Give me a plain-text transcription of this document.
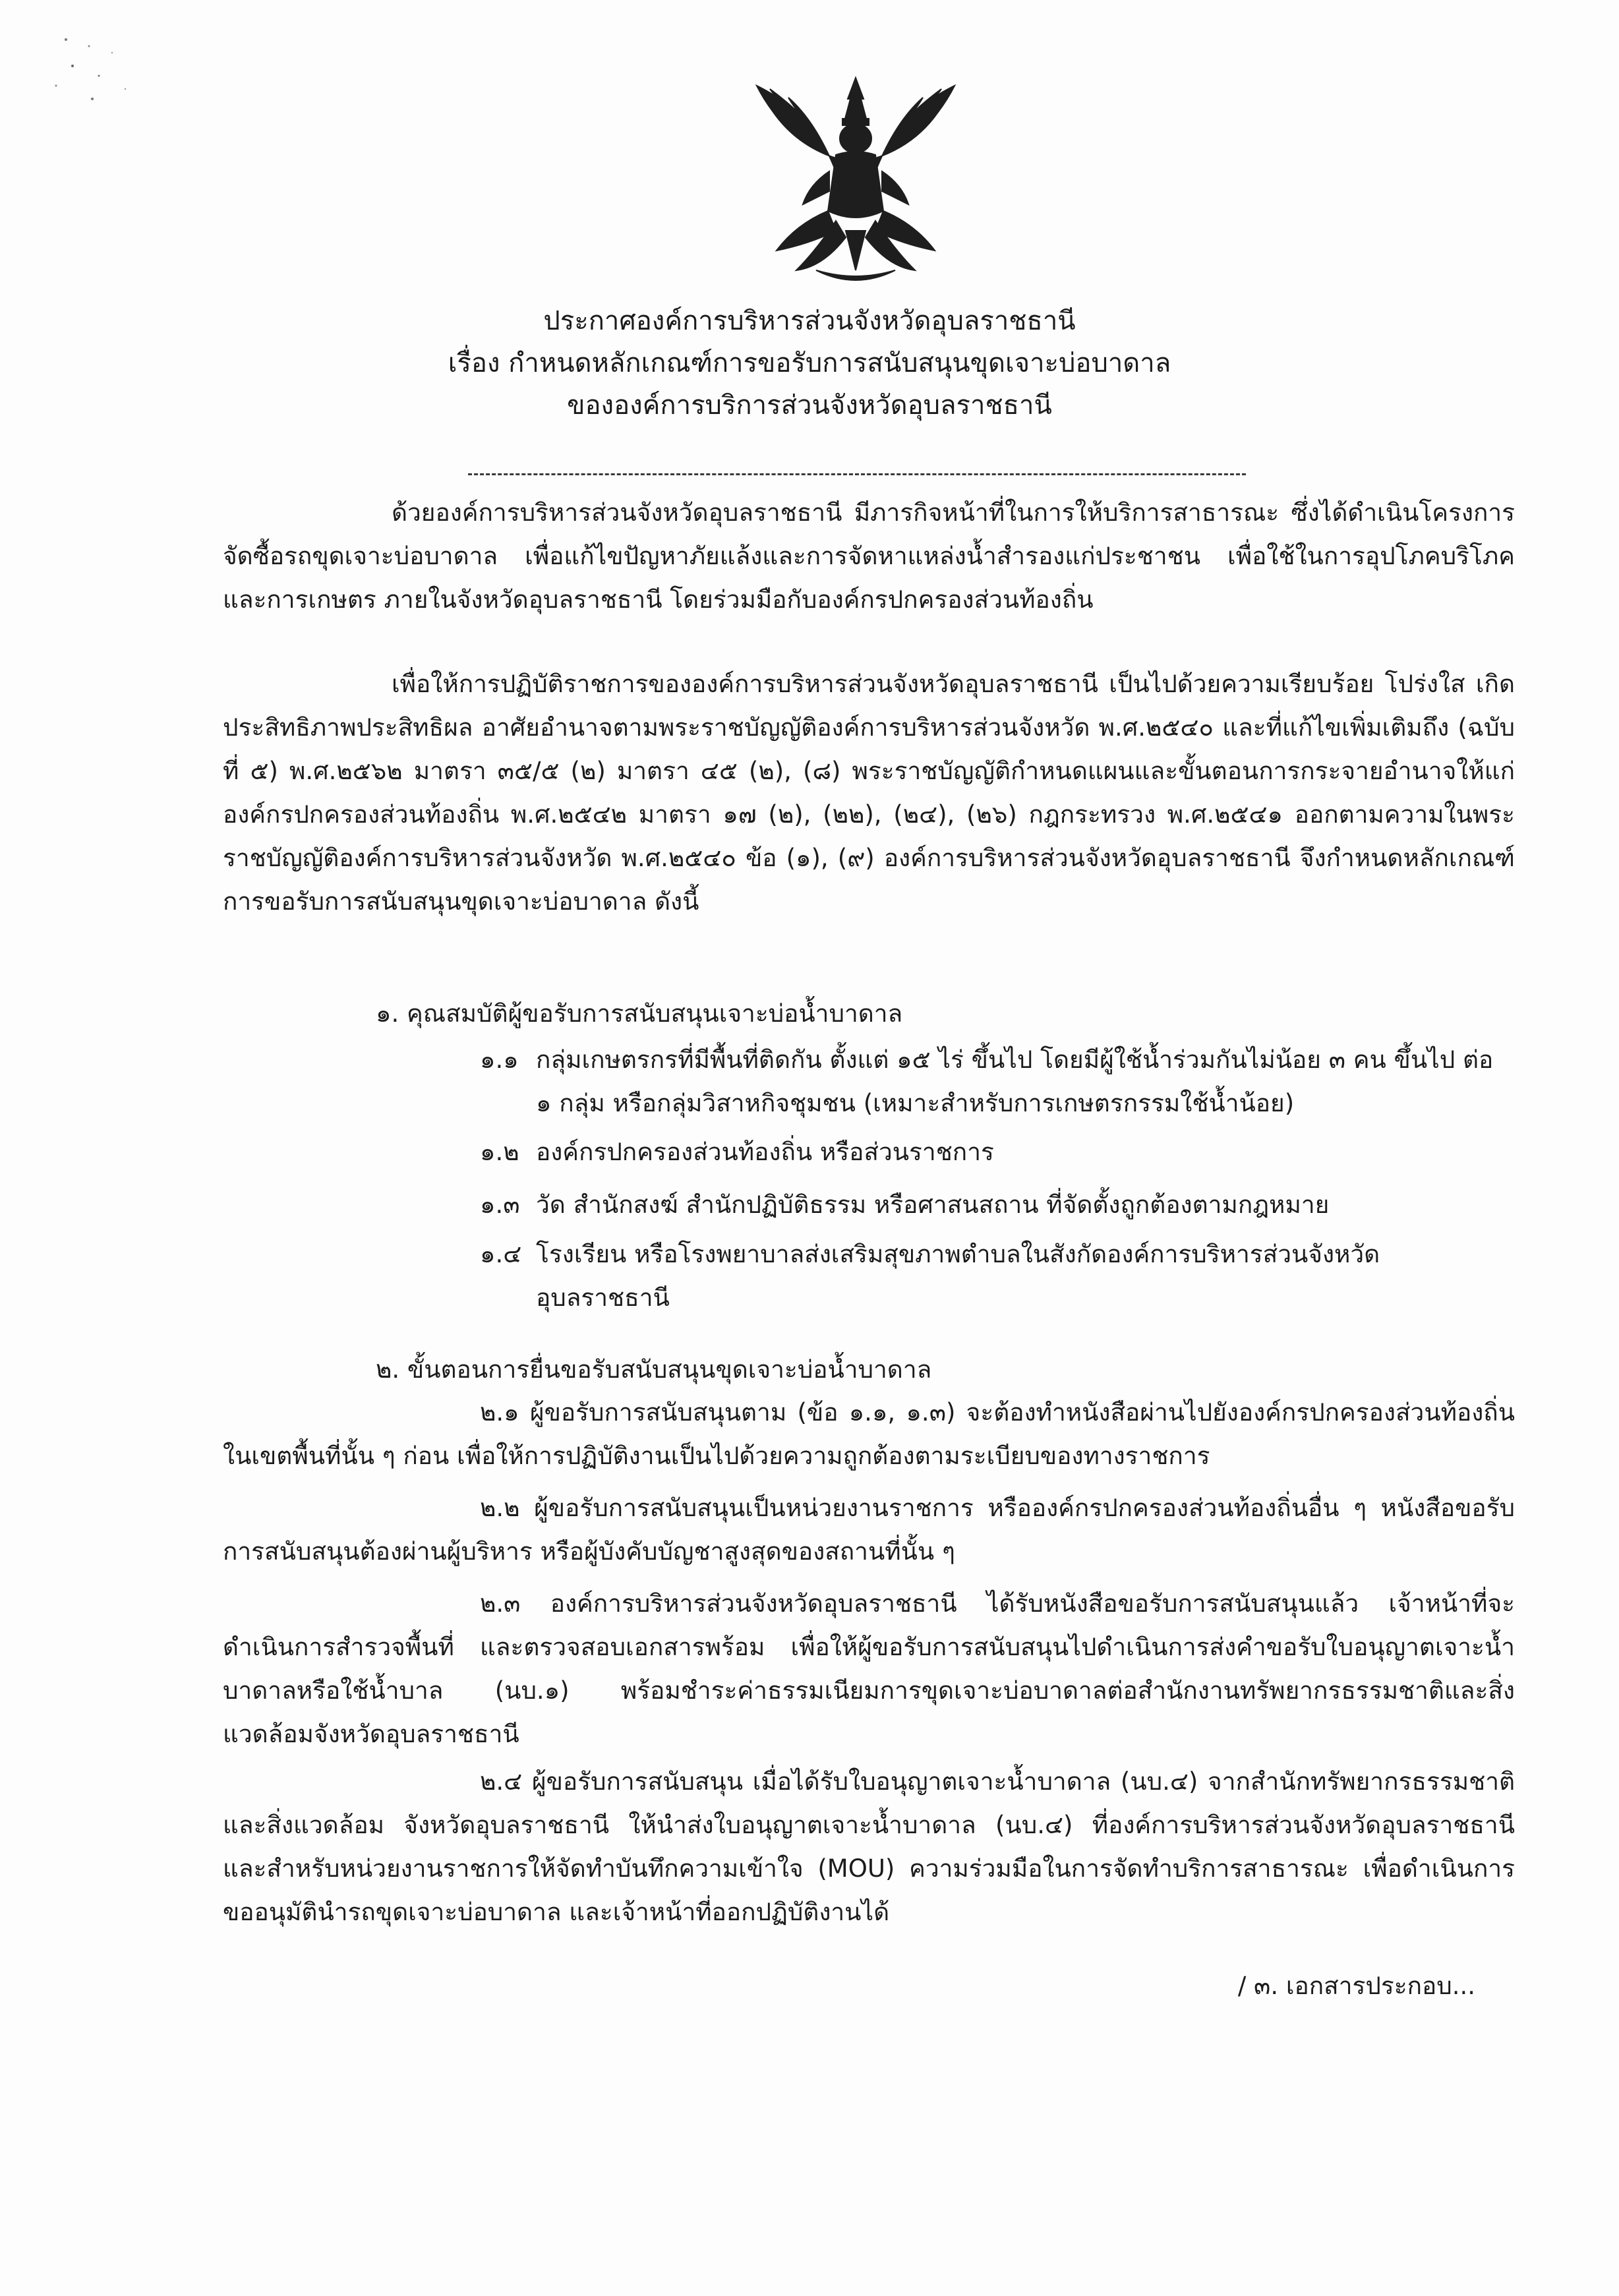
ประกาศองค์การบริหารส่วนจังหวัดอุบลราชธานี
เรื่อง กำหนดหลักเกณฑ์การขอรับการสนับสนุนขุดเจาะบ่อบาดาล
ขององค์การบริการส่วนจังหวัดอุบลราชธานี

ด้วยองค์การบริหารส่วนจังหวัดอุบลราชธานี มีภารกิจหน้าที่ในการให้บริการสาธารณะ ซึ่งได้ดำเนินโครงการจัดซื้อรถขุดเจาะบ่อบาดาล เพื่อแก้ไขปัญหาภัยแล้งและการจัดหาแหล่งน้ำสำรองแก่ประชาชน เพื่อใช้ในการอุปโภคบริโภค และการเกษตร ภายในจังหวัดอุบลราชธานี โดยร่วมมือกับองค์กรปกครองส่วนท้องถิ่น

เพื่อให้การปฏิบัติราชการขององค์การบริหารส่วนจังหวัดอุบลราชธานี เป็นไปด้วยความเรียบร้อย โปร่งใส เกิดประสิทธิภาพประสิทธิผล อาศัยอำนาจตามพระราชบัญญัติองค์การบริหารส่วนจังหวัด พ.ศ.๒๕๔๐ และที่แก้ไขเพิ่มเติมถึง (ฉบับที่ ๕) พ.ศ.๒๕๖๒ มาตรา ๓๕/๕ (๒) มาตรา ๔๕ (๒), (๘) พระราชบัญญัติกำหนดแผนและขั้นตอนการกระจายอำนาจให้แก่องค์กรปกครองส่วนท้องถิ่น พ.ศ.๒๕๔๒ มาตรา ๑๗ (๒), (๒๒), (๒๔), (๒๖) กฎกระทรวง พ.ศ.๒๕๔๑ ออกตามความในพระราชบัญญัติองค์การบริหารส่วนจังหวัด พ.ศ.๒๕๔๐ ข้อ (๑), (๙) องค์การบริหารส่วนจังหวัดอุบลราชธานี จึงกำหนดหลักเกณฑ์การขอรับการสนับสนุนขุดเจาะบ่อบาดาล ดังนี้

๑. คุณสมบัติผู้ขอรับการสนับสนุนเจาะบ่อน้ำบาดาล
๑.๑ กลุ่มเกษตรกรที่มีพื้นที่ติดกัน ตั้งแต่ ๑๕ ไร่ ขึ้นไป โดยมีผู้ใช้น้ำร่วมกันไม่น้อย ๓ คน ขึ้นไป ต่อ ๑ กลุ่ม หรือกลุ่มวิสาหกิจชุมชน (เหมาะสำหรับการเกษตรกรรมใช้น้ำน้อย)
๑.๒ องค์กรปกครองส่วนท้องถิ่น หรือส่วนราชการ
๑.๓ วัด สำนักสงฆ์ สำนักปฏิบัติธรรม หรือศาสนสถาน ที่จัดตั้งถูกต้องตามกฎหมาย
๑.๔ โรงเรียน หรือโรงพยาบาลส่งเสริมสุขภาพตำบลในสังกัดองค์การบริหารส่วนจังหวัด อุบลราชธานี
๒. ขั้นตอนการยื่นขอรับสนับสนุนขุดเจาะบ่อน้ำบาดาล

๒.๑ ผู้ขอรับการสนับสนุนตาม (ข้อ ๑.๑, ๑.๓) จะต้องทำหนังสือผ่านไปยังองค์กรปกครองส่วนท้องถิ่นในเขตพื้นที่นั้น ๆ ก่อน เพื่อให้การปฏิบัติงานเป็นไปด้วยความถูกต้องตามระเบียบของทางราชการ

๒.๒ ผู้ขอรับการสนับสนุนเป็นหน่วยงานราชการ หรือองค์กรปกครองส่วนท้องถิ่นอื่น ๆ หนังสือขอรับการสนับสนุนต้องผ่านผู้บริหาร หรือผู้บังคับบัญชาสูงสุดของสถานที่นั้น ๆ

๒.๓ องค์การบริหารส่วนจังหวัดอุบลราชธานี ได้รับหนังสือขอรับการสนับสนุนแล้ว เจ้าหน้าที่จะดำเนินการสำรวจพื้นที่ และตรวจสอบเอกสารพร้อม เพื่อให้ผู้ขอรับการสนับสนุนไปดำเนินการส่งคำขอรับใบอนุญาตเจาะน้ำบาดาลหรือใช้น้ำบาล (นบ.๑) พร้อมชำระค่าธรรมเนียมการขุดเจาะบ่อบาดาลต่อสำนักงานทรัพยากรธรรมชาติและสิ่งแวดล้อมจังหวัดอุบลราชธานี

๒.๔ ผู้ขอรับการสนับสนุน เมื่อได้รับใบอนุญาตเจาะน้ำบาดาล (นบ.๔) จากสำนักทรัพยากรธรรมชาติและสิ่งแวดล้อม จังหวัดอุบลราชธานี ให้นำส่งใบอนุญาตเจาะน้ำบาดาล (นบ.๔) ที่องค์การบริหารส่วนจังหวัดอุบลราชธานี และสำหรับหน่วยงานราชการให้จัดทำบันทึกความเข้าใจ (MOU) ความร่วมมือในการจัดทำบริการสาธารณะ เพื่อดำเนินการขออนุมัตินำรถขุดเจาะบ่อบาดาล และเจ้าหน้าที่ออกปฏิบัติงานได้

/ ๓. เอกสารประกอบ...
